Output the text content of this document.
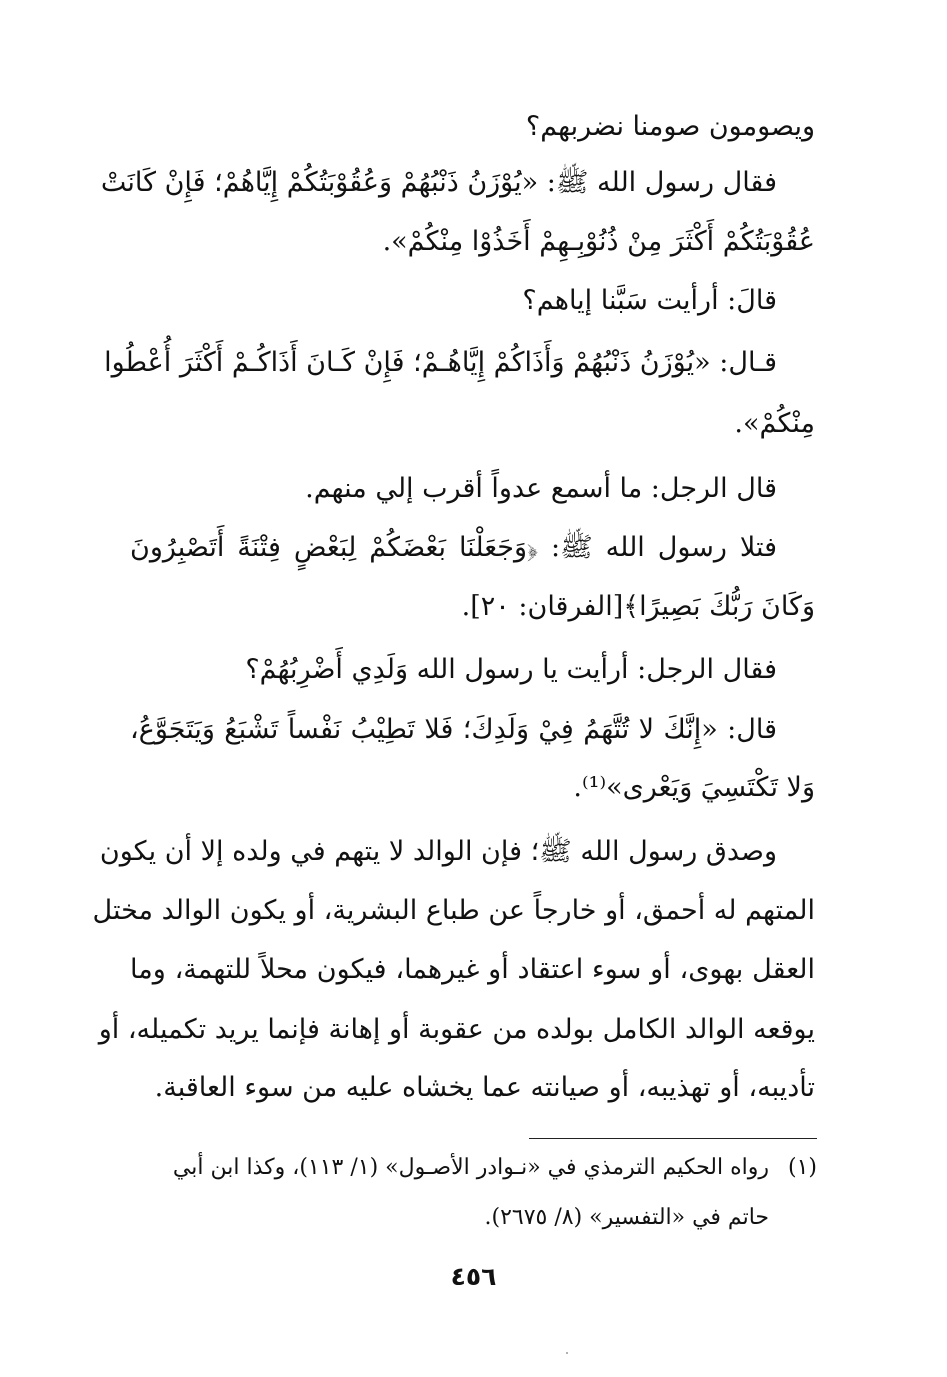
ويصومون صومنا نضربهم؟
فقال رسول الله ﷺ: «يُوْزَنُ ذَنْبُهُمْ وَعُقُوْبَتُكُمْ إِيَّاهُمْ؛ فَإِنْ كَانَتْ
عُقُوْبَتُكُمْ أَكْثَرَ مِنْ ذُنُوْبِـهِمْ أَخَذُوْا مِنْكُمْ».
قالَ: أرأيت سَبَّنا إياهم؟
قـال: «يُوْزَنُ ذَنْبُهُمْ وَأَذَاكُمْ إِيَّاهُـمْ؛ فَإِنْ كَـانَ أَذَاكُـمْ أَكْثَرَ أُعْطُوا
مِنْكُمْ».
قال الرجل: ما أسمع عدواً أقرب إلي منهم.
فتلا رسول الله ﷺ: ﴿وَجَعَلْنَا بَعْضَكُمْ لِبَعْضٍ فِتْنَةً أَتَصْبِرُونَ
وَكَانَ رَبُّكَ بَصِيرًا﴾[الفرقان: ٢٠].
فقال الرجل: أرأيت يا رسول الله وَلَدِي أَضْرِبُهُمْ؟
قال: «إِنَّكَ لا تُتَّهَمُ فِيْ وَلَدِكَ؛ فَلا تَطِيْبُ نَفْساً تَشْبَعُ وَيَتَجَوَّعُ،
وَلا تَكْتَسِيَ وَيَعْرى»⁽¹⁾.
وصدق رسول الله ﷺ؛ فإن الوالد لا يتهم في ولده إلا أن يكون
المتهم له أحمق، أو خارجاً عن طباع البشرية، أو يكون الوالد مختل
العقل بهوى، أو سوء اعتقاد أو غيرهما، فيكون محلاً للتهمة، وما
يوقعه الوالد الكامل بولده من عقوبة أو إهانة فإنما يريد تكميله، أو
تأديبه، أو تهذيبه، أو صيانته عما يخشاه عليه من سوء العاقبة.
(١)رواه الحكيم الترمذي في «نـوادر الأصـول» (١/ ١١٣)، وكذا ابن أبي
حاتم في «التفسير» (٨/ ٢٦٧٥).
٤٥٦
